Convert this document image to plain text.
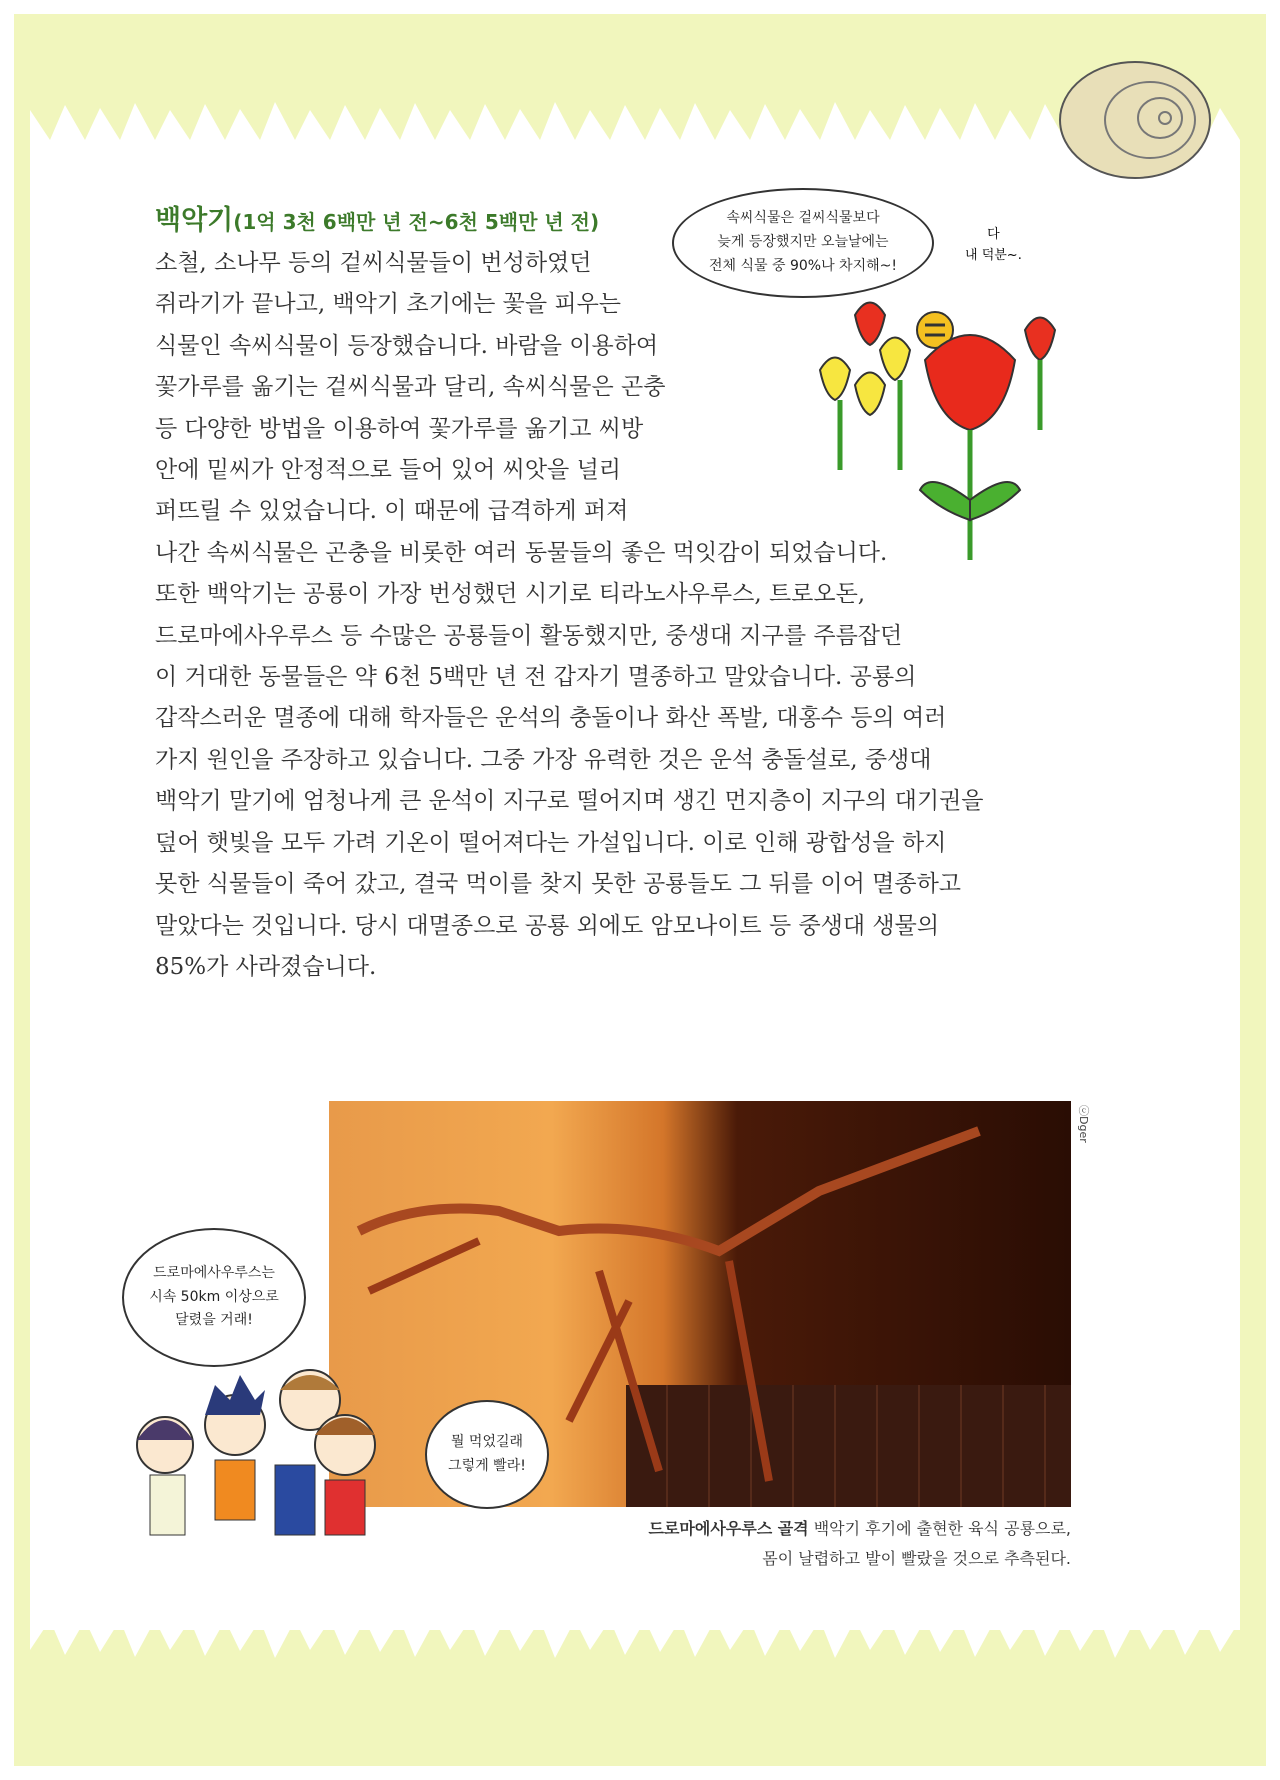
백악기(1억 3천 6백만 년 전~6천 5백만 년 전)
소철, 소나무 등의 겉씨식물들이 번성하였던
쥐라기가 끝나고, 백악기 초기에는 꽃을 피우는
식물인 속씨식물이 등장했습니다. 바람을 이용하여
꽃가루를 옮기는 겉씨식물과 달리, 속씨식물은 곤충
등 다양한 방법을 이용하여 꽃가루를 옮기고 씨방
안에 밑씨가 안정적으로 들어 있어 씨앗을 널리
퍼뜨릴 수 있었습니다. 이 때문에 급격하게 퍼져
나간 속씨식물은 곤충을 비롯한 여러 동물들의 좋은 먹잇감이 되었습니다.
또한 백악기는 공룡이 가장 번성했던 시기로 티라노사우루스, 트로오돈,
드로마에사우루스 등 수많은 공룡들이 활동했지만, 중생대 지구를 주름잡던
이 거대한 동물들은 약 6천 5백만 년 전 갑자기 멸종하고 말았습니다. 공룡의
갑작스러운 멸종에 대해 학자들은 운석의 충돌이나 화산 폭발, 대홍수 등의 여러
가지 원인을 주장하고 있습니다. 그중 가장 유력한 것은 운석 충돌설로, 중생대
백악기 말기에 엄청나게 큰 운석이 지구로 떨어지며 생긴 먼지층이 지구의 대기권을
덮어 햇빛을 모두 가려 기온이 떨어져다는 가설입니다. 이로 인해 광합성을 하지
못한 식물들이 죽어 갔고, 결국 먹이를 찾지 못한 공룡들도 그 뒤를 이어 멸종하고
말았다는 것입니다. 당시 대멸종으로 공룡 외에도 암모나이트 등 중생대 생물의
85%가 사라졌습니다.
속씨식물은 겉씨식물보다
늦게 등장했지만 오늘날에는
전체 식물 중 90%나 차지해~!
다
내 덕분~.
ⓒDger
드로마에사우루스는
시속 50km 이상으로
달렸을 거래!
뭘 먹었길래
그렇게 빨라!
드로마에사우루스 골격 백악기 후기에 출현한 육식 공룡으로,
몸이 날렵하고 발이 빨랐을 것으로 추측된다.
